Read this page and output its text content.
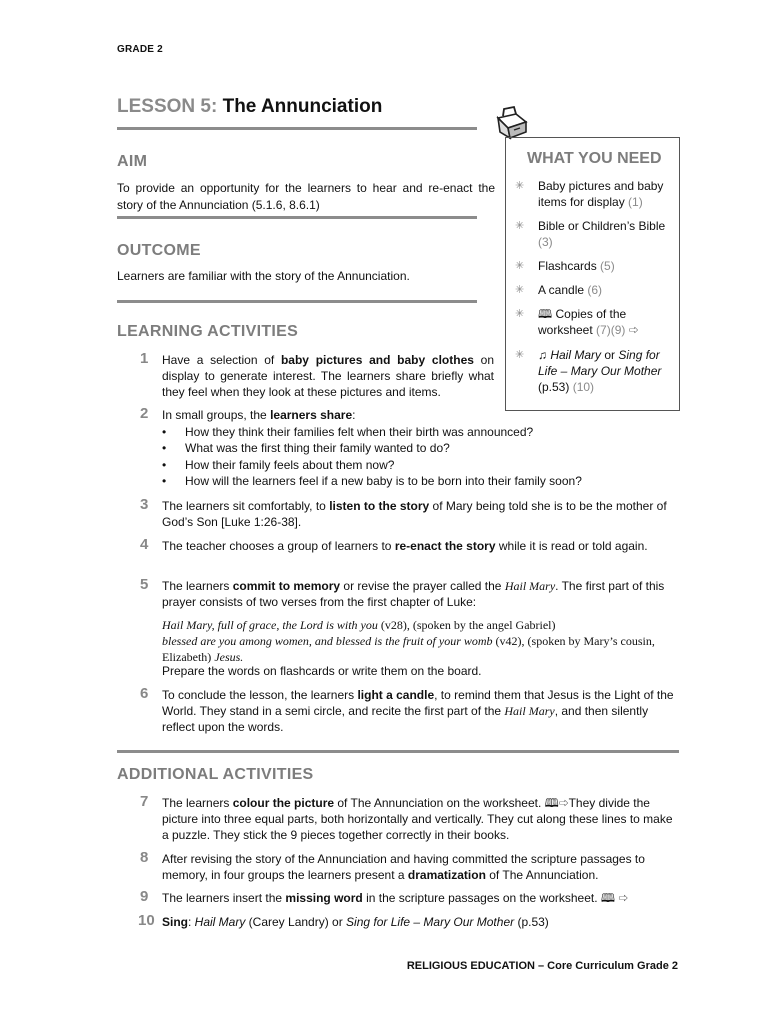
GRADE 2
LESSON 5: The Annunciation
AIM
To provide an opportunity for the learners to hear and re-enact the story of the Annunciation (5.1.6, 8.6.1)
OUTCOME
Learners are familiar with the story of the Annunciation.
WHAT YOU NEED
✳ Baby pictures and baby items for display (1)
✳ Bible or Children’s Bible (3)
✳ Flashcards (5)
✳ A candle (6)
✳ 🕮 Copies of the worksheet (7)(9) ⇨
✳ ♫ Hail Mary or Sing for Life – Mary Our Mother (p.53) (10)
LEARNING ACTIVITIES
1 Have a selection of baby pictures and baby clothes on display to generate interest. The learners share briefly what they feel when they look at these pictures and items.
2 In small groups, the learners share:
• How they think their families felt when their birth was announced?
• What was the first thing their family wanted to do?
• How their family feels about them now?
• How will the learners feel if a new baby is to be born into their family soon?
3 The learners sit comfortably, to listen to the story of Mary being told she is to be the mother of God’s Son [Luke 1:26-38].
4 The teacher chooses a group of learners to re-enact the story while it is read or told again.
5 The learners commit to memory or revise the prayer called the Hail Mary. The first part of this prayer consists of two verses from the first chapter of Luke:
Hail Mary, full of grace, the Lord is with you (v28), (spoken by the angel Gabriel)
blessed are you among women, and blessed is the fruit of your womb (v42), (spoken by Mary’s cousin, Elizabeth) Jesus.
Prepare the words on flashcards or write them on the board.
6 To conclude the lesson, the learners light a candle, to remind them that Jesus is the Light of the World. They stand in a semi circle, and recite the first part of the Hail Mary, and then silently reflect upon the words.
ADDITIONAL ACTIVITIES
7 The learners colour the picture of The Annunciation on the worksheet. 🕮⇨They divide the picture into three equal parts, both horizontally and vertically. They cut along these lines to make a puzzle. They stick the 9 pieces together correctly in their books.
8 After revising the story of the Annunciation and having committed the scripture passages to memory, in four groups the learners present a dramatization of The Annunciation.
9 The learners insert the missing word in the scripture passages on the worksheet. 🕮 ⇨
10 Sing: Hail Mary (Carey Landry) or Sing for Life – Mary Our Mother (p.53)
RELIGIOUS EDUCATION – Core Curriculum Grade 2
